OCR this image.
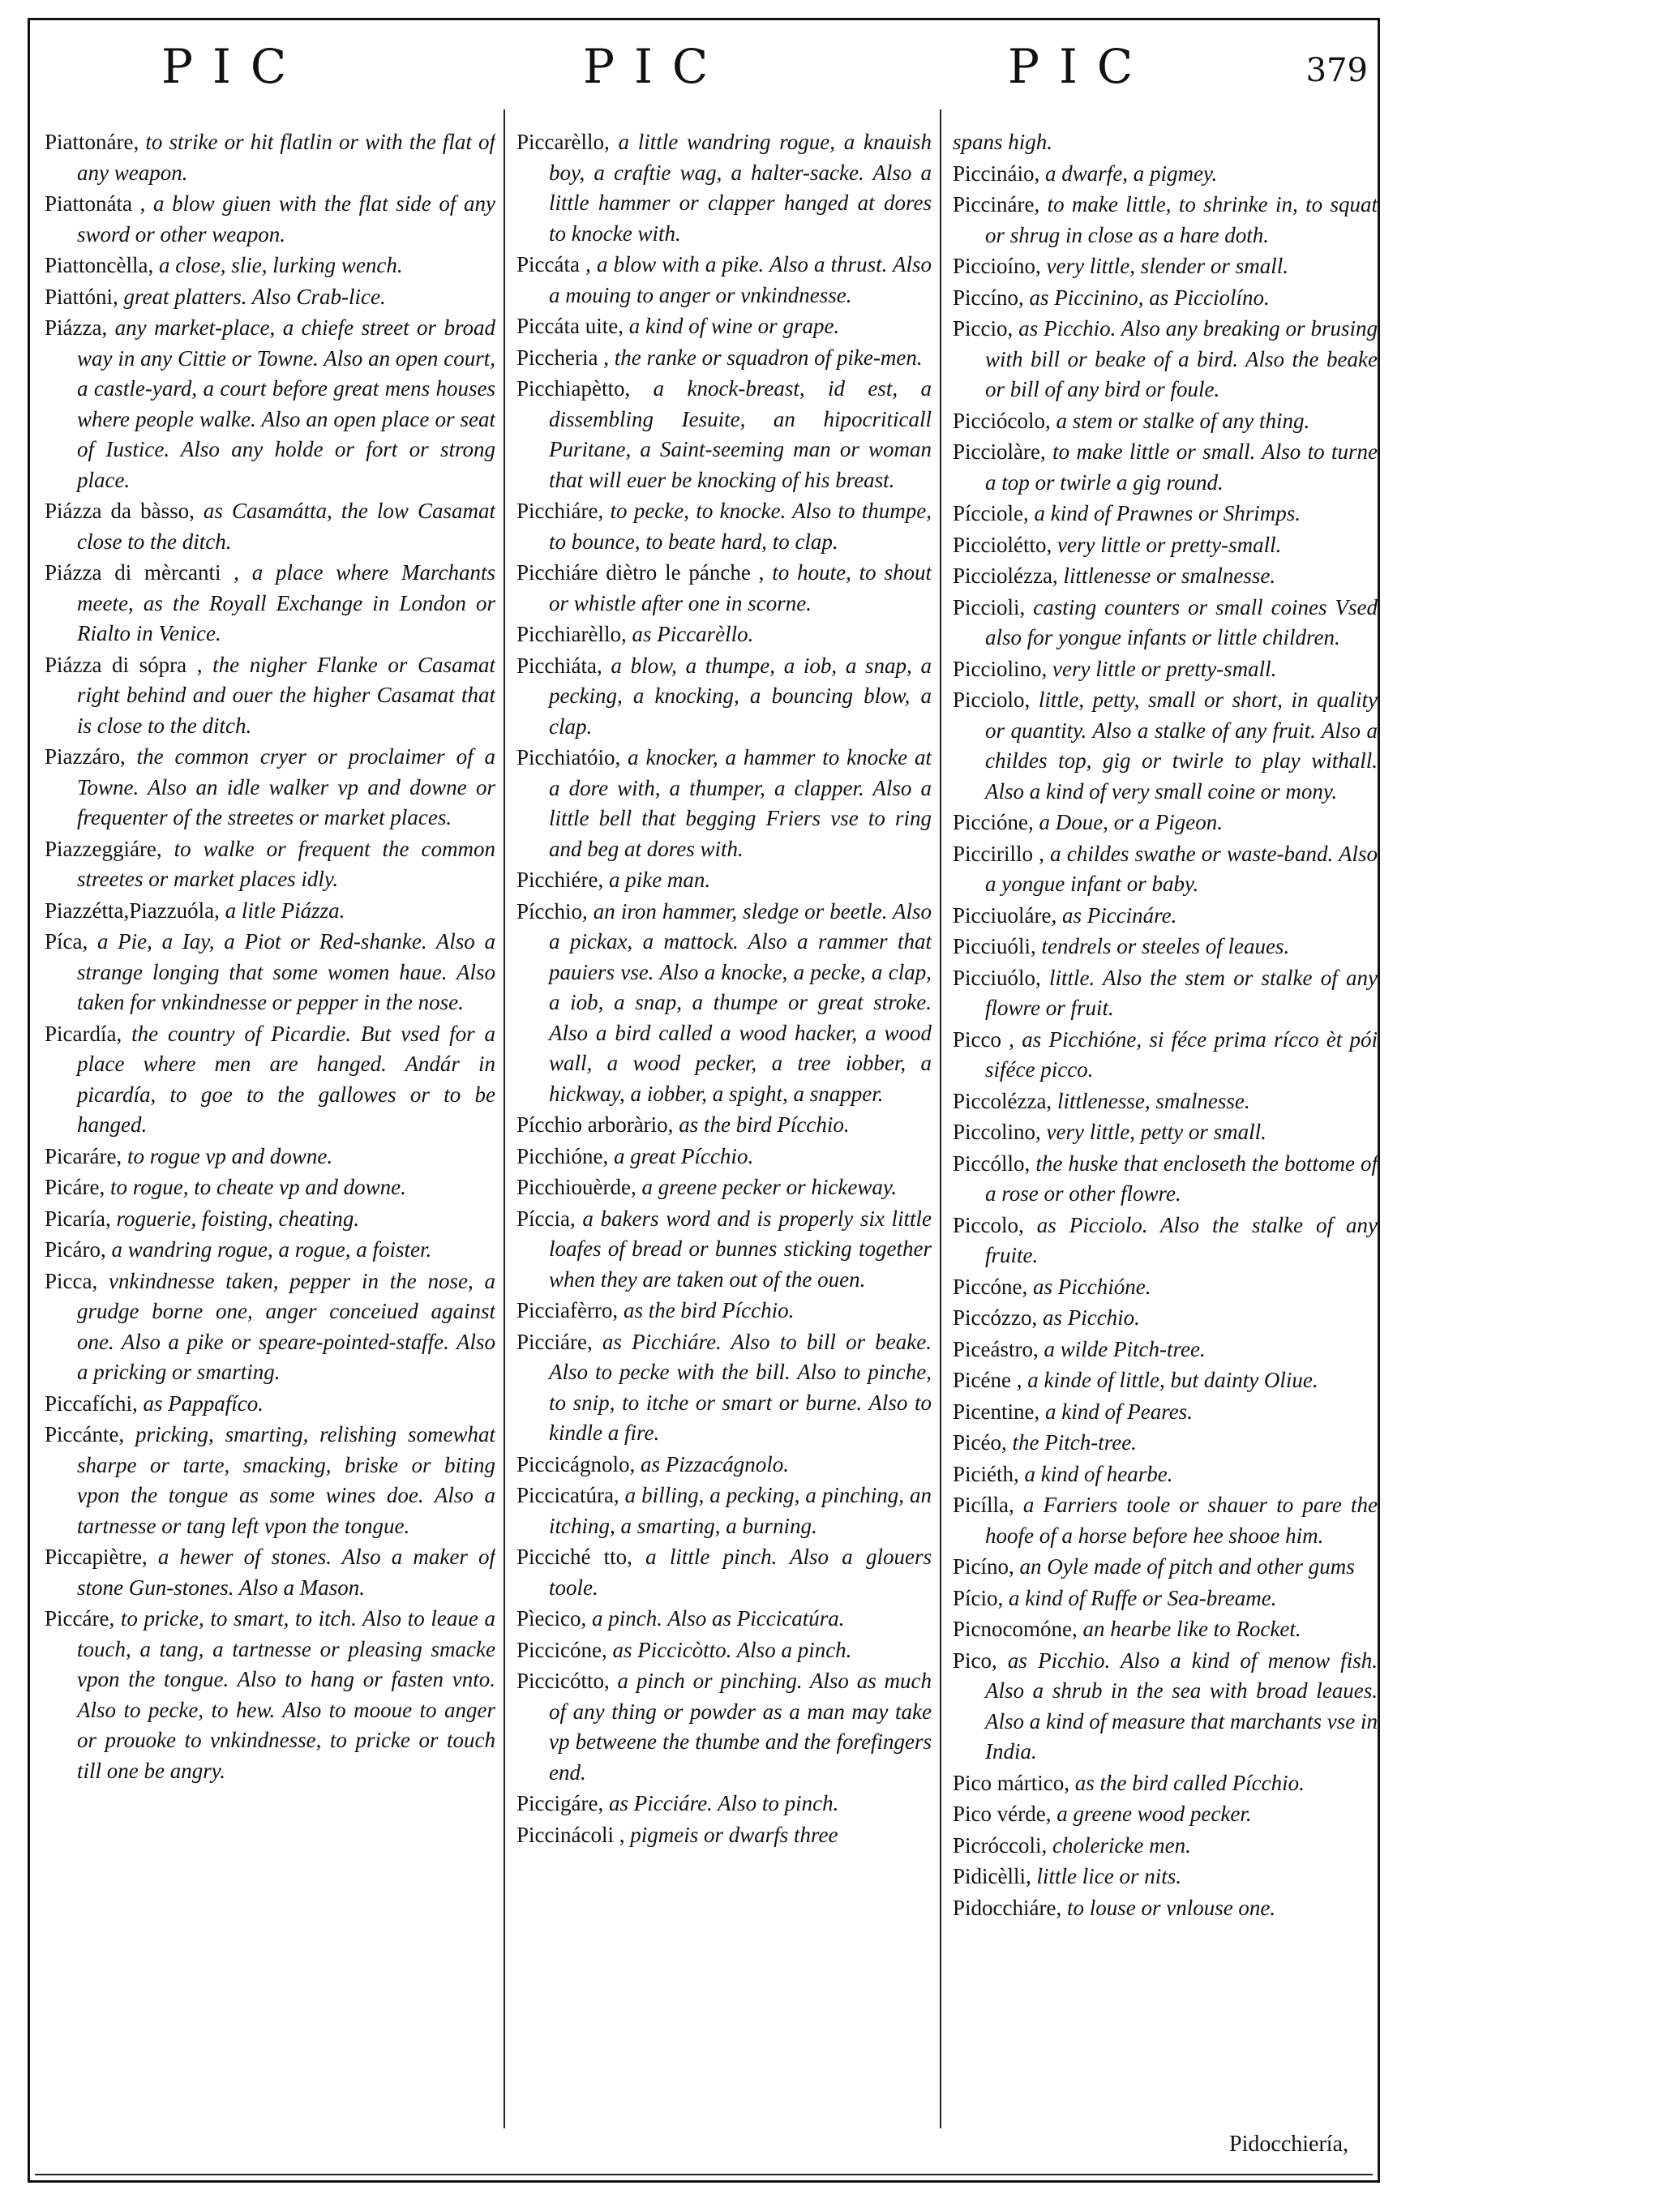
PIC	PIC	PIC	379

Piattonáre, to strike or hit flatlin or with the flat of any weapon.

Piattonáta , a blow giuen with the flat side of any sword or other weapon.

Piattoncèlla, a close, slie, lurking wench.

Piattóni, great platters. Also Crab-lice.

Piázza, any market-place, a chiefe street or broad way in any Cittie or Towne. Also an open court, a castle-yard, a court before great mens houses where people walke. Also an open place or seat of Iustice. Also any holde or fort or strong place.

Piázza da bàsso, as Casamátta, the low Casamat close to the ditch.

Piázza di mèrcanti , a place where Marchants meete, as the Royall Exchange in London or Rialto in Venice.

Piázza di sópra , the nigher Flanke or Casamat right behind and ouer the higher Casamat that is close to the ditch.

Piazzáro, the common cryer or proclaimer of a Towne. Also an idle walker vp and downe or frequenter of the streetes or market places.

Piazzeggiáre, to walke or frequent the common streetes or market places idly.

Piazzétta,Piazzuóla, a litle Piázza.

Píca, a Pie, a Iay, a Piot or Red-shanke. Also a strange longing that some women haue. Also taken for vnkindnesse or pepper in the nose.

Picardía, the country of Picardie. But vsed for a place where men are hanged. Andár in picardía, to goe to the gallowes or to be hanged.

Picaráre, to rogue vp and downe.

Picáre, to rogue, to cheate vp and downe.

Picaría, roguerie, foisting, cheating.

Picáro, a wandring rogue, a rogue, a foister.

Picca, vnkindnesse taken, pepper in the nose, a grudge borne one, anger conceiued against one. Also a pike or speare-pointed-staffe. Also a pricking or smarting.

Piccafíchi, as Pappafíco.

Piccánte, pricking, smarting, relishing somewhat sharpe or tarte, smacking, briske or biting vpon the tongue as some wines doe. Also a tartnesse or tang left vpon the tongue.

Piccapiètre, a hewer of stones. Also a maker of stone Gun-stones. Also a Mason.

Piccáre, to pricke, to smart, to itch. Also to leaue a touch, a tang, a tartnesse or pleasing smacke vpon the tongue. Also to hang or fasten vnto. Also to pecke, to hew. Also to mooue to anger or prouoke to vnkindnesse, to pricke or touch till one be angry.

Piccarèllo, a little wandring rogue, a knauish boy, a craftie wag, a halter-sacke. Also a little hammer or clapper hanged at dores to knocke with.

Piccáta , a blow with a pike. Also a thrust. Also a mouing to anger or vnkindnesse.

Piccáta uite, a kind of wine or grape.

Piccheria , the ranke or squadron of pike-men.

Picchiapètto, a knock-breast, id est, a dissembling Iesuite, an hipocriticall Puritane, a Saint-seeming man or woman that will euer be knocking of his breast.

Picchiáre, to pecke, to knocke. Also to thumpe, to bounce, to beate hard, to clap.

Picchiáre diètro le pánche , to houte, to shout or whistle after one in scorne.

Picchiarèllo, as Piccarèllo.

Picchiáta, a blow, a thumpe, a iob, a snap, a pecking, a knocking, a bouncing blow, a clap.

Picchiatóio, a knocker, a hammer to knocke at a dore with, a thumper, a clapper. Also a little bell that begging Friers vse to ring and beg at dores with.

Picchiére, a pike man.

Pícchio, an iron hammer, sledge or beetle. Also a pickax, a mattock. Also a rammer that pauiers vse. Also a knocke, a pecke, a clap, a iob, a snap, a thumpe or great stroke. Also a bird called a wood hacker, a wood wall, a wood pecker, a tree iobber, a hickway, a iobber, a spight, a snapper.

Pícchio arboràrio, as the bird Pícchio.

Picchióne, a great Pícchio.

Picchiouèrde, a greene pecker or hickeway.

Píccia, a bakers word and is properly six little loafes of bread or bunnes sticking together when they are taken out of the ouen.

Picciafèrro, as the bird Pícchio.

Picciáre, as Picchiáre. Also to bill or beake. Also to pecke with the bill. Also to pinche, to snip, to itche or smart or burne. Also to kindle a fire.

Piccicágnolo, as Pizzacágnolo.

Piccicatúra, a billing, a pecking, a pinching, an itching, a smarting, a burning.

Picciché tto, a little pinch. Also a glouers toole.

Pìecico, a pinch. Also as Piccicatúra.

Piccicóne, as Piccicòtto. Also a pinch.

Piccicótto, a pinch or pinching. Also as much of any thing or powder as a man may take vp betweene the thumbe and the forefingers end.

Piccigáre, as Picciáre. Also to pinch.

Piccinácoli , pigmeis or dwarfs three

spans high.

Piccináio, a dwarfe, a pigmey.

Piccináre, to make little, to shrinke in, to squat or shrug in close as a hare doth.

Piccioíno, very little, slender or small.

Piccíno, as Piccinino, as Picciolíno.

Piccio, as Picchio. Also any breaking or brusing with bill or beake of a bird. Also the beake or bill of any bird or foule.

Picciócolo, a stem or stalke of any thing.

Picciolàre, to make little or small. Also to turne a top or twirle a gig round.

Pícciole, a kind of Prawnes or Shrimps.

Picciolétto, very little or pretty-small.

Picciolézza, littlenesse or smalnesse.

Piccioli, casting counters or small coines Vsed also for yongue infants or little children.

Picciolino, very little or pretty-small.

Picciolo, little, petty, small or short, in quality or quantity. Also a stalke of any fruit. Also a childes top, gig or twirle to play withall. Also a kind of very small coine or mony.

Piccióne, a Doue, or a Pigeon.

Piccirillo , a childes swathe or waste-band. Also a yongue infant or baby.

Picciuoláre, as Piccináre.

Picciuóli, tendrels or steeles of leaues.

Picciuólo, little. Also the stem or stalke of any flowre or fruit.

Picco , as Picchióne, si féce prima rícco èt pói siféce picco.

Piccolézza, littlenesse, smalnesse.

Piccolino, very little, petty or small.

Piccóllo, the huske that encloseth the bottome of a rose or other flowre.

Piccolo, as Picciolo. Also the stalke of any fruite.

Piccóne, as Picchióne.

Piccózzo, as Picchio.

Piceástro, a wilde Pitch-tree.

Picéne , a kinde of little, but dainty Oliue.

Picentine, a kind of Peares.

Picéo, the Pitch-tree.

Piciéth, a kind of hearbe.

Picílla, a Farriers toole or shauer to pare the hoofe of a horse before hee shooe him.

Picíno, an Oyle made of pitch and other gums

Pício, a kind of Ruffe or Sea-breame.

Picnocomóne, an hearbe like to Rocket.

Pico, as Picchio. Also a kind of menow fish. Also a shrub in the sea with broad leaues. Also a kind of measure that marchants vse in India.

Pico mártico, as the bird called Pícchio.

Pico vérde, a greene wood pecker.

Picróccoli, cholericke men.

Pidicèlli, little lice or nits.

Pidocchiáre, to louse or vnlouse one.

Pidocchiería,
